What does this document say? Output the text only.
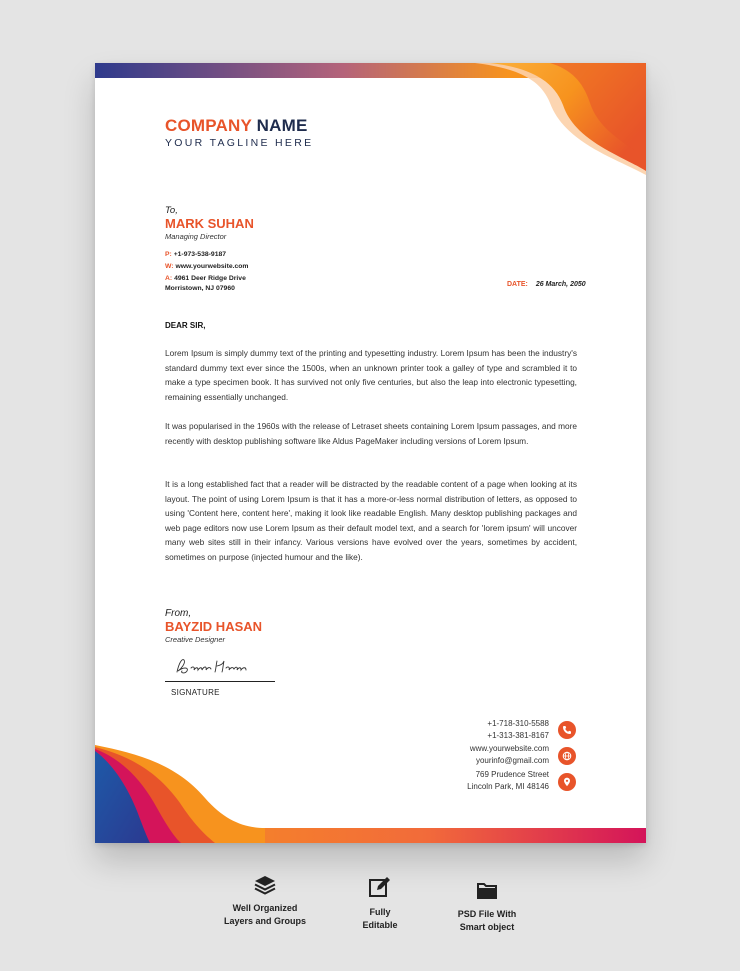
COMPANY NAME
YOUR TAGLINE HERE
To,
MARK SUHAN
Managing Director
P: +1-973-538-9187
W: www.yourwebsite.com
A: 4961 Deer Ridge Drive
Morristown, NJ 07960
DATE: 26 March, 2050
DEAR SIR,

Lorem Ipsum is simply dummy text of the printing and typesetting industry. Lorem Ipsum has been the industry's standard dummy text ever since the 1500s, when an unknown printer took a galley of type and scrambled it to make a type specimen book. It has survived not only five centuries, but also the leap into electronic typesetting, remaining essentially unchanged.

It was popularised in the 1960s with the release of Letraset sheets containing Lorem Ipsum passages, and more recently with desktop publishing software like Aldus PageMaker including versions of Lorem Ipsum.

It is a long established fact that a reader will be distracted by the readable content of a page when looking at its layout. The point of using Lorem Ipsum is that it has a more-or-less normal distribution of letters, as opposed to using 'Content here, content here', making it look like readable English. Many desktop publishing packages and web page editors now use Lorem Ipsum as their default model text, and a search for 'lorem ipsum' will uncover many web sites still in their infancy. Various versions have evolved over the years, sometimes by accident, sometimes on purpose (injected humour and the like).

From,
BAYZID HASAN
Creative Designer
SIGNATURE
+1-718-310-5588
+1-313-381-8167
www.yourwebsite.com
yourinfo@gmail.com
769 Prudence Street
Lincoln Park, MI 48146
Well Organized
Layers and Groups
Fully
Editable
PSD File With
Smart object
